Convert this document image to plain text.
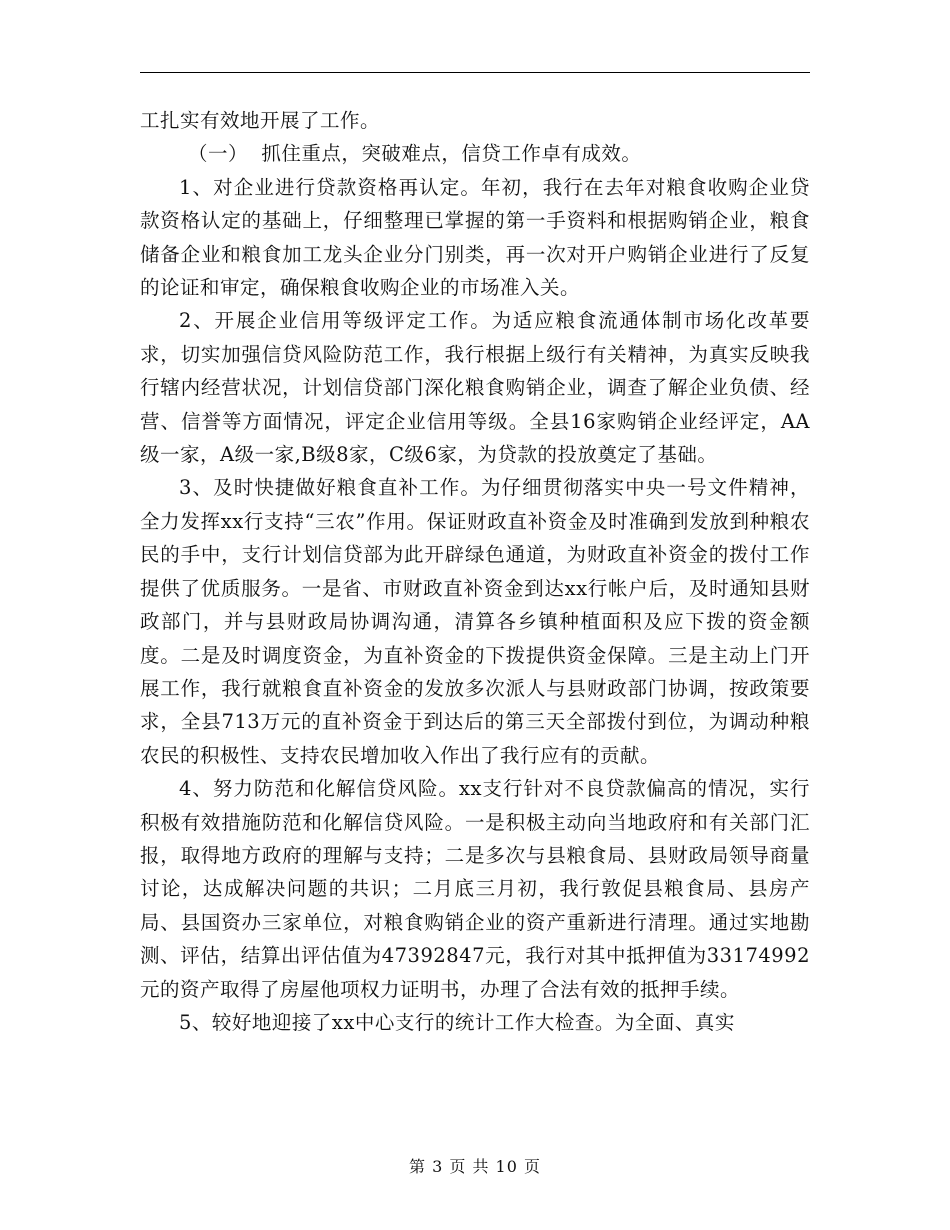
工扎实有效地开展了工作。

（一）  抓住重点，突破难点，信贷工作卓有成效。

1、对企业进行贷款资格再认定。年初，我行在去年对粮食收购企业贷款资格认定的基础上，仔细整理已掌握的第一手资料和根据购销企业，粮食储备企业和粮食加工龙头企业分门别类，再一次对开户购销企业进行了反复的论证和审定，确保粮食收购企业的市场准入关。

2、开展企业信用等级评定工作。为适应粮食流通体制市场化改革要求，切实加强信贷风险防范工作，我行根据上级行有关精神，为真实反映我行辖内经营状况，计划信贷部门深化粮食购销企业，调查了解企业负债、经营、信誉等方面情况，评定企业信用等级。全县16家购销企业经评定，AA级一家，A级一家,B级8家，C级6家，为贷款的投放奠定了基础。

3、及时快捷做好粮食直补工作。为仔细贯彻落实中央一号文件精神，全力发挥xx行支持“三农”作用。保证财政直补资金及时准确到发放到种粮农民的手中，支行计划信贷部为此开辟绿色通道，为财政直补资金的拨付工作提供了优质服务。一是省、市财政直补资金到达xx行帐户后，及时通知县财政部门，并与县财政局协调沟通，清算各乡镇种植面积及应下拨的资金额度。二是及时调度资金，为直补资金的下拨提供资金保障。三是主动上门开展工作，我行就粮食直补资金的发放多次派人与县财政部门协调，按政策要求，全县713万元的直补资金于到达后的第三天全部拨付到位，为调动种粮农民的积极性、支持农民增加收入作出了我行应有的贡献。

4、努力防范和化解信贷风险。xx支行针对不良贷款偏高的情况，实行积极有效措施防范和化解信贷风险。一是积极主动向当地政府和有关部门汇报，取得地方政府的理解与支持；二是多次与县粮食局、县财政局领导商量讨论，达成解决问题的共识；二月底三月初，我行敦促县粮食局、县房产局、县国资办三家单位，对粮食购销企业的资产重新进行清理。通过实地勘测、评估，结算出评估值为47392847元，我行对其中抵押值为33174992元的资产取得了房屋他项权力证明书，办理了合法有效的抵押手续。

5、较好地迎接了xx中心支行的统计工作大检查。为全面、真实

第 3 页 共 10 页
